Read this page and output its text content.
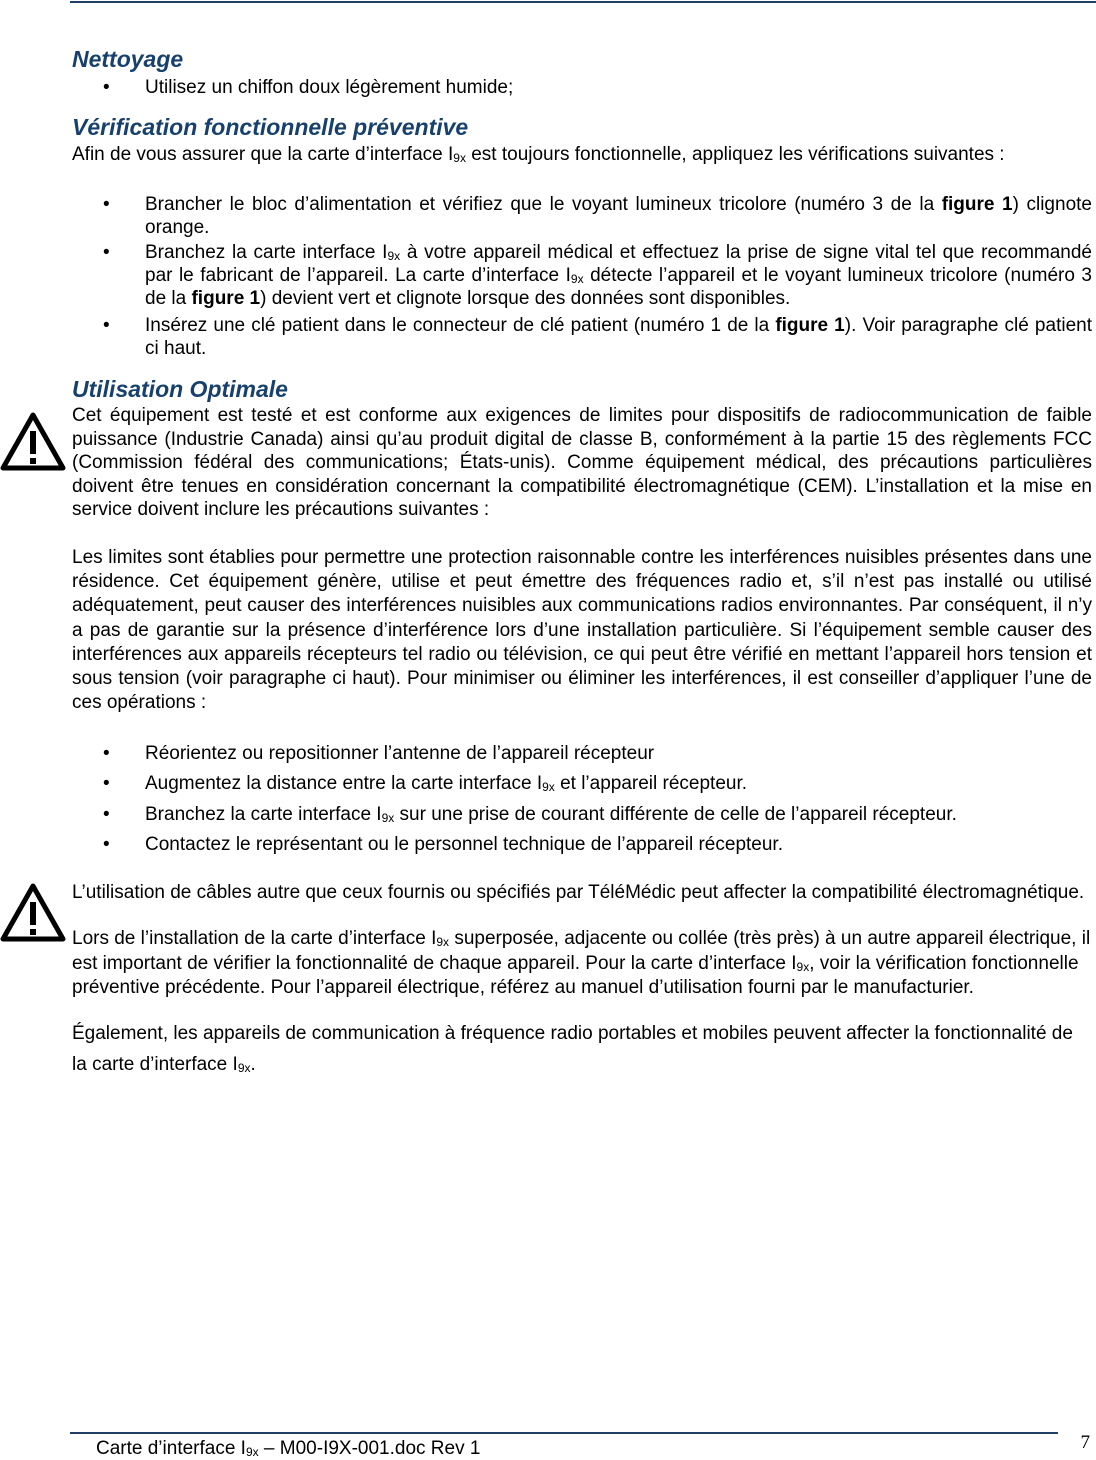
Nettoyage
• Utilisez un chiffon doux légèrement humide;
Vérification fonctionnelle préventive

Afin de vous assurer que la carte d’interface $I_{9x}$ est toujours fonctionnelle, appliquez les vérifications suivantes :

• Brancher le bloc d’alimentation et vérifiez que le voyant lumineux tricolore (numéro 3 de la figure 1) clignote orange.
• Branchez la carte interface $I_{9x}$ à votre appareil médical et effectuez la prise de signe vital tel que recommandé par le fabricant de l’appareil. La carte d’interface $I_{9x}$ détecte l’appareil et le voyant lumineux tricolore (numéro 3 de la figure 1) devient vert et clignote lorsque des données sont disponibles.
• Insérez une clé patient dans le connecteur de clé patient (numéro 1 de la figure 1). Voir paragraphe clé patient ci haut.
Utilisation Optimale

Cet équipement est testé et est conforme aux exigences de limites pour dispositifs de radiocommunication de faible puissance (Industrie Canada) ainsi qu’au produit digital de classe B, conformément à la partie 15 des règlements FCC (Commission fédéral des communications; États-unis). Comme équipement médical, des précautions particulières doivent être tenues en considération concernant la compatibilité électromagnétique (CEM). L’installation et la mise en service doivent inclure les précautions suivantes :

Les limites sont établies pour permettre une protection raisonnable contre les interférences nuisibles présentes dans une résidence. Cet équipement génère, utilise et peut émettre des fréquences radio et, s’il n’est pas installé ou utilisé adéquatement, peut causer des interférences nuisibles aux communications radios environnantes. Par conséquent, il n’y a pas de garantie sur la présence d’interférence lors d’une installation particulière. Si l’équipement semble causer des interférences aux appareils récepteurs tel radio ou télévision, ce qui peut être vérifié en mettant l’appareil hors tension et sous tension (voir paragraphe ci haut). Pour minimiser ou éliminer les interférences, il est conseiller d’appliquer l’une de ces opérations :

• Réorientez ou repositionner l’antenne de l’appareil récepteur
• Augmentez la distance entre la carte interface $I_{9x}$ et l’appareil récepteur.
• Branchez la carte interface $I_{9x}$ sur une prise de courant différente de celle de l’appareil récepteur.
• Contactez le représentant ou le personnel technique de l’appareil récepteur.

L’utilisation de câbles autre que ceux fournis ou spécifiés par TéléMédic peut affecter la compatibilité électromagnétique.

Lors de l’installation de la carte d’interface $I_{9x}$ superposée, adjacente ou collée (très près) à un autre appareil électrique, il est important de vérifier la fonctionnalité de chaque appareil. Pour la carte d’interface $I_{9x}$, voir la vérification fonctionnelle préventive précédente. Pour l’appareil électrique, référez au manuel d’utilisation fourni par le manufacturier.

Également, les appareils de communication à fréquence radio portables et mobiles peuvent affecter la fonctionnalité de la carte d’interface $I_{9x}$.

Carte d’interface $I_{9x} - M00-I9X-001.doc$ Rev 1	7
